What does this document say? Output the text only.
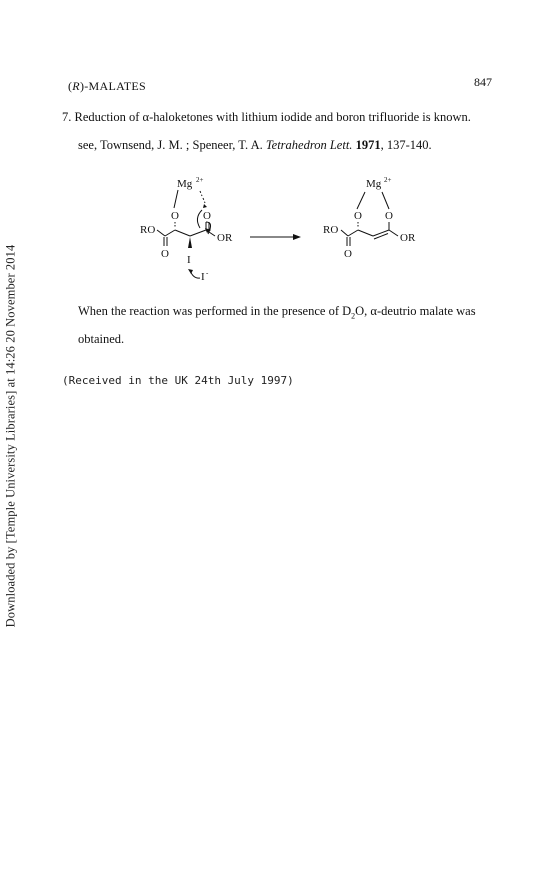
Downloaded by [Temple University Libraries] at 14:26 20 November 2014
(R)-MALATES	847
7. Reduction of α-haloketones with lithium iodide and boron trifluoride is known.
see, Townsend, J. M. ; Speneer, T. A. Tetrahedron Lett. 1971, 137-140.
Mg 2+
O O
RO
OR
O I
I -
Mg 2+
O O
RO
OR
O
When the reaction was performed in the presence of $D_2O$, α-deutrio malate was
obtained.
(Received in the UK 24th July 1997)
